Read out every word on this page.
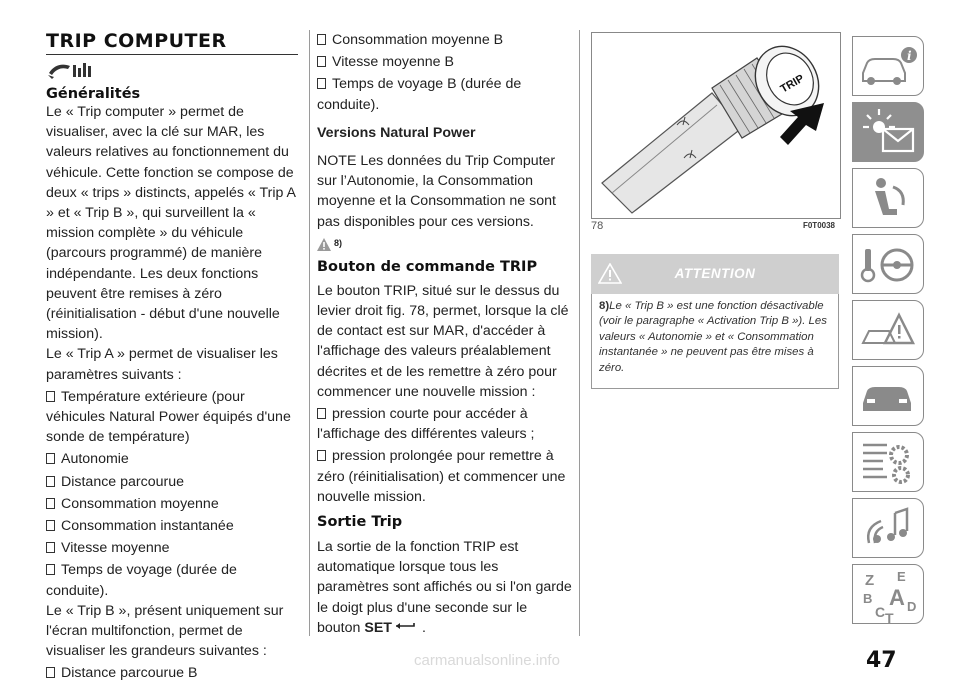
TRIP COMPUTER
Généralités

Le « Trip computer » permet de visualiser, avec la clé sur MAR, les valeurs relatives au fonctionnement du véhicule. Cette fonction se compose de deux « trips » distincts, appelés « Trip A » et « Trip B », qui surveillent la « mission complète » du véhicule (parcours programmé) de manière indépendante. Les deux fonctions peuvent être remises à zéro (réinitialisation - début d'une nouvelle mission).

Le « Trip A » permet de visualiser les paramètres suivants :

Température extérieure (pour véhicules Natural Power équipés d'une sonde de température)

Autonomie

Distance parcourue

Consommation moyenne

Consommation instantanée

Vitesse moyenne

Temps de voyage (durée de conduite).

Le « Trip B », présent uniquement sur l'écran multifonction, permet de visualiser les grandeurs suivantes :

Distance parcourue B

Consommation moyenne B

Vitesse moyenne B

Temps de voyage B (durée de conduite).

Versions Natural Power

NOTE Les données du Trip Computer sur l’Autonomie, la Consommation moyenne et la Consommation ne sont pas disponibles pour ces versions.

$^{8)}$
Bouton de commande TRIP

Le bouton TRIP, situé sur le dessus du levier droit fig. 78, permet, lorsque la clé de contact est sur MAR, d'accéder à l'affichage des valeurs préalablement décrites et de les remettre à zéro pour commencer une nouvelle mission :

pression courte pour accéder à l'affichage des différentes valeurs ;

pression prolongée pour remettre à zéro (réinitialisation) et commencer une nouvelle mission.

Sortie Trip

La sortie de la fonction TRIP est automatique lorsque tous les paramètres sont affichés ou si l'on garde le doigt plus d'une seconde sur le bouton SET .

TRIP
78	F0T0038
ATTENTION
8)Le « Trip B » est une fonction désactivable (voir le paragraphe « Activation Trip B »). Les valeurs « Autonomie » et « Consommation instantanée » ne peuvent pas être mises à zéro.
i
Z E
B A
C D
T
47
carmanualsonline.info
